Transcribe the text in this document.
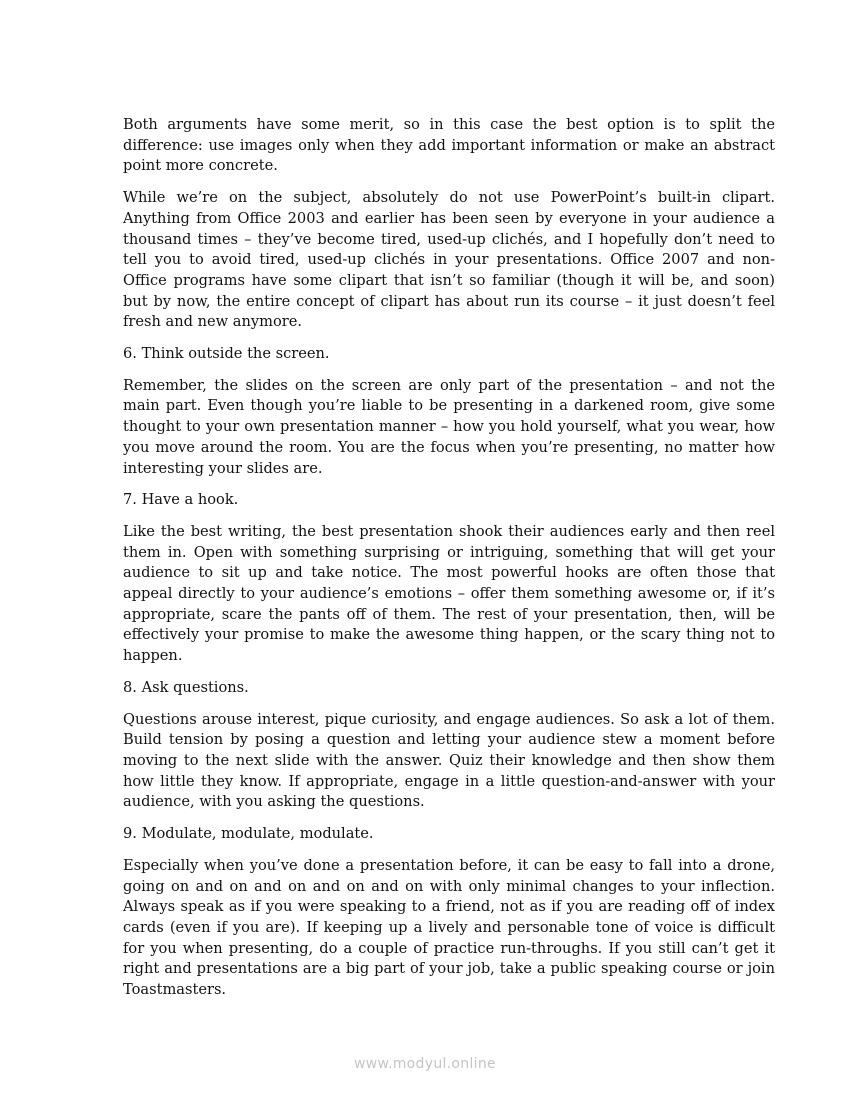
Both arguments have some merit, so in this case the best option is to split the difference: use images only when they add important information or make an abstract point more concrete.

While we’re on the subject, absolutely do not use PowerPoint’s built-in clipart. Anything from Office 2003 and earlier has been seen by everyone in your audience a thousand times – they’ve become tired, used-up clichés, and I hopefully don’t need to tell you to avoid tired, used-up clichés in your presentations. Office 2007 and non-Office programs have some clipart that isn’t so familiar (though it will be, and soon) but by now, the entire concept of clipart has about run its course – it just doesn’t feel fresh and new anymore.

6. Think outside the screen.

Remember, the slides on the screen are only part of the presentation – and not the main part. Even though you’re liable to be presenting in a darkened room, give some thought to your own presentation manner – how you hold yourself, what you wear, how you move around the room. You are the focus when you’re presenting, no matter how interesting your slides are.

7. Have a hook.

Like the best writing, the best presentation shook their audiences early and then reel them in. Open with something surprising or intriguing, something that will get your audience to sit up and take notice. The most powerful hooks are often those that appeal directly to your audience’s emotions – offer them something awesome or, if it’s appropriate, scare the pants off of them. The rest of your presentation, then, will be effectively your promise to make the awesome thing happen, or the scary thing not to happen.

8. Ask questions.

Questions arouse interest, pique curiosity, and engage audiences. So ask a lot of them. Build tension by posing a question and letting your audience stew a moment before moving to the next slide with the answer. Quiz their knowledge and then show them how little they know. If appropriate, engage in a little question-and-answer with your audience, with you asking the questions.

9. Modulate, modulate, modulate.

Especially when you’ve done a presentation before, it can be easy to fall into a drone, going on and on and on and on and on with only minimal changes to your inflection. Always speak as if you were speaking to a friend, not as if you are reading off of index cards (even if you are). If keeping up a lively and personable tone of voice is difficult for you when presenting, do a couple of practice run-throughs. If you still can’t get it right and presentations are a big part of your job, take a public speaking course or join Toastmasters.

www.modyul.online
